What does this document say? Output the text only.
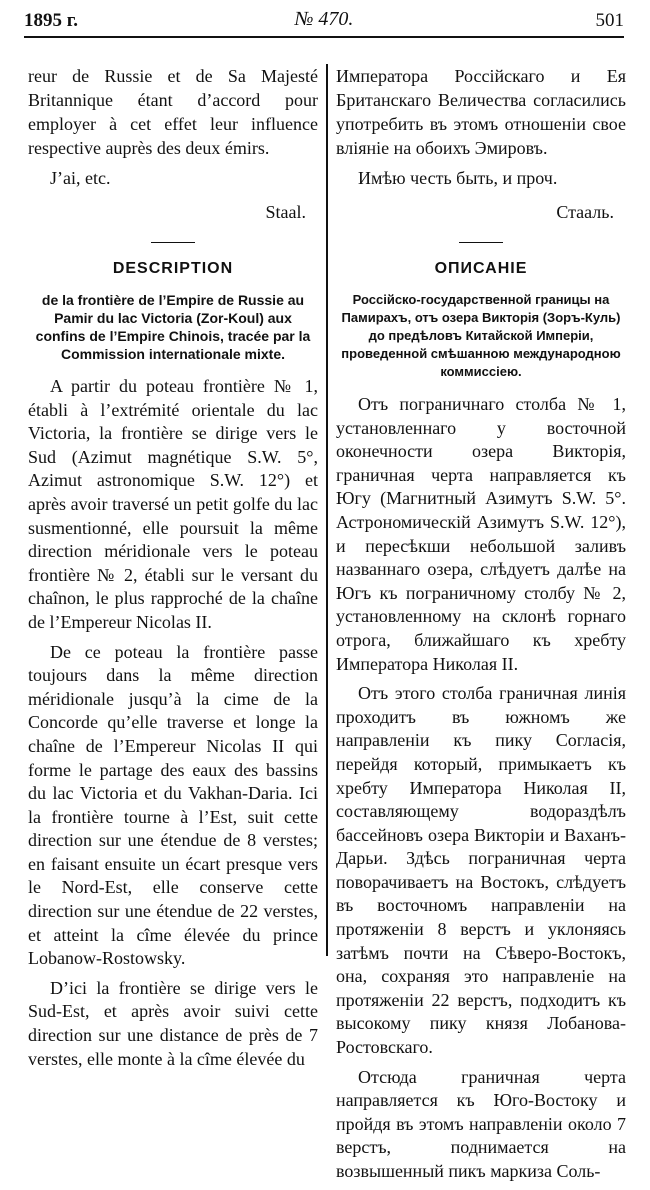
1895 г.	№ 470.	501

reur de Russie et de Sa Majesté Britannique étant d’accord pour employer à cet effet leur influence respective auprès des deux émirs.

J’ai, etc.

Staal.
DESCRIPTION
de la frontière de l’Empire de Russie au Pamir du lac Victoria (Zor-Koul) aux confins de l’Empire Chinois, tracée par la Commission internationale mixte.

A partir du poteau frontière № 1, établi à l’extrémité orientale du lac Victoria, la frontière se dirige vers le Sud (Azimut magnétique S.W. 5°, Azimut astronomique S.W. 12°) et après avoir traversé un petit golfe du lac susmentionné, elle poursuit la même direction méridionale vers le poteau frontière № 2, établi sur le versant du chaînon, le plus rapproché de la chaîne de l’Empereur Nicolas II.

De ce poteau la frontière passe toujours dans la même direction méridionale jusqu’à la cime de la Concorde qu’elle traverse et longe la chaîne de l’Empereur Nicolas II qui forme le partage des eaux des bassins du lac Victoria et du Vakhan-Daria. Ici la frontière tourne à l’Est, suit cette direction sur une étendue de 8 verstes; en faisant ensuite un écart presque vers le Nord-Est, elle conserve cette direction sur une étendue de 22 verstes, et atteint la cîme élevée du prince Lobanow-Rostowsky.

D’ici la frontière se dirige vers le Sud-Est, et après avoir suivi cette direction sur une distance de près de 7 verstes, elle monte à la cîme élevée du

Императора Россійскаго и Ея Британскаго Величества согласились употребить въ этомъ отношеніи свое вліяніе на обоихъ Эмировъ.

Имѣю честь быть, и проч.

Стааль.
ОПИСАНІЕ
Россійско-государственной границы на Памирахъ, отъ озера Викторія (Зоръ-Куль) до предѣловъ Китайской Имперіи, проведенной смѣшанною международною коммиссіею.

Отъ пограничнаго столба № 1, установленнаго у восточной оконечности озера Викторія, граничная черта направляется къ Югу (Магнитный Азимутъ S.W. 5°. Астрономическій Азимутъ S.W. 12°), и пересѣкши небольшой заливъ названнаго озера, слѣдуетъ далѣе на Югъ къ пограничному столбу № 2, установленному на склонѣ горнаго отрога, ближайшаго къ хребту Императора Николая II.

Отъ этого столба граничная линія проходитъ въ южномъ же направленіи къ пику Согласія, перейдя который, примыкаетъ къ хребту Императора Николая II, составляющему водораздѣлъ бассейновъ озера Викторіи и Ваханъ-Дарьи. Здѣсь пограничная черта поворачиваетъ на Востокъ, слѣдуетъ въ восточномъ направленіи на протяженіи 8 верстъ и уклоняясь затѣмъ почти на Сѣверо-Востокъ, она, сохраняя это направленіе на протяженіи 22 верстъ, подходитъ къ высокому пику князя Лобанова-Ростовскаго.

Отсюда граничная черта направляется къ Юго-Востоку и пройдя въ этомъ направленіи около 7 верстъ, поднимается на возвышенный пикъ маркиза Соль-
